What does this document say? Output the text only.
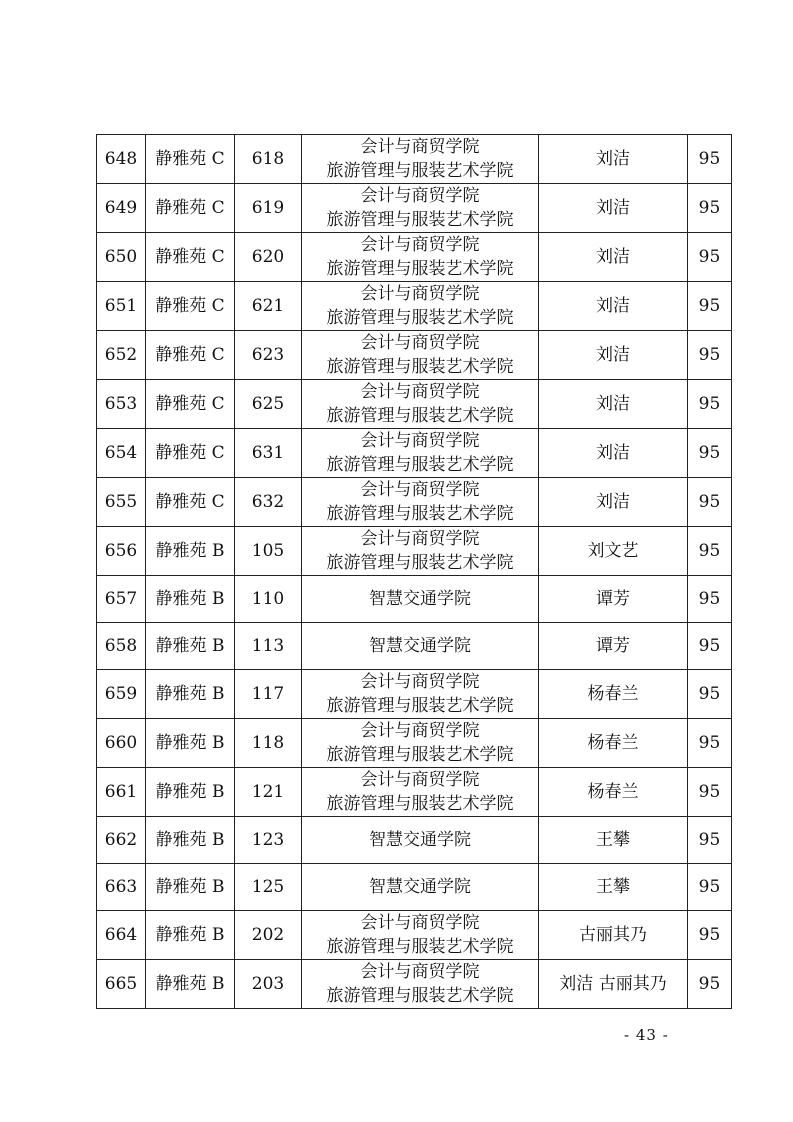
648	静雅苑 C	618	会计与商贸学院
旅游管理与服装艺术学院	刘洁	95
649	静雅苑 C	619	会计与商贸学院
旅游管理与服装艺术学院	刘洁	95
650	静雅苑 C	620	会计与商贸学院
旅游管理与服装艺术学院	刘洁	95
651	静雅苑 C	621	会计与商贸学院
旅游管理与服装艺术学院	刘洁	95
652	静雅苑 C	623	会计与商贸学院
旅游管理与服装艺术学院	刘洁	95
653	静雅苑 C	625	会计与商贸学院
旅游管理与服装艺术学院	刘洁	95
654	静雅苑 C	631	会计与商贸学院
旅游管理与服装艺术学院	刘洁	95
655	静雅苑 C	632	会计与商贸学院
旅游管理与服装艺术学院	刘洁	95
656	静雅苑 B	105	会计与商贸学院
旅游管理与服装艺术学院	刘文艺	95
657	静雅苑 B	110	智慧交通学院	谭芳	95
658	静雅苑 B	113	智慧交通学院	谭芳	95
659	静雅苑 B	117	会计与商贸学院
旅游管理与服装艺术学院	杨春兰	95
660	静雅苑 B	118	会计与商贸学院
旅游管理与服装艺术学院	杨春兰	95
661	静雅苑 B	121	会计与商贸学院
旅游管理与服装艺术学院	杨春兰	95
662	静雅苑 B	123	智慧交通学院	王攀	95
663	静雅苑 B	125	智慧交通学院	王攀	95
664	静雅苑 B	202	会计与商贸学院
旅游管理与服装艺术学院	古丽其乃	95
665	静雅苑 B	203	会计与商贸学院
旅游管理与服装艺术学院	刘洁 古丽其乃	95
- 43 -
